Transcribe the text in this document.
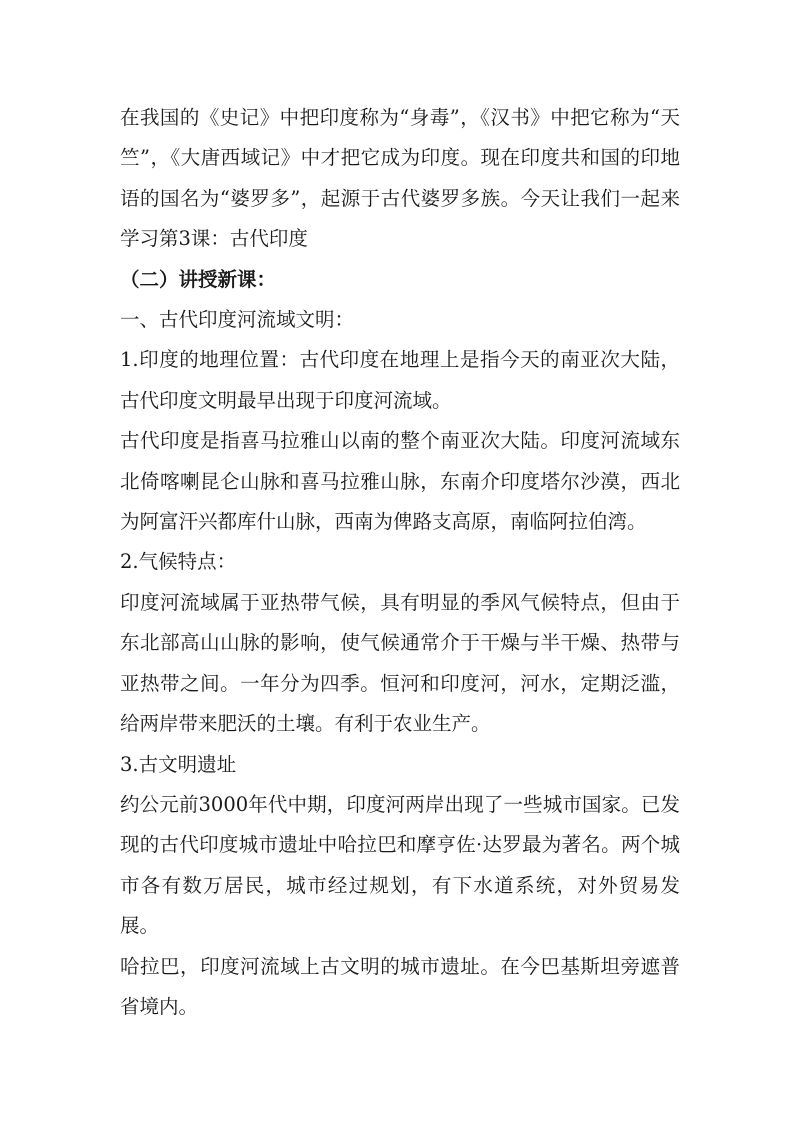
在我国的《史记》中把印度称为“身毒”，《汉书》中把它称为“天竺”，《大唐西域记》中才把它成为印度。现在印度共和国的印地语的国名为“婆罗多”，起源于古代婆罗多族。今天让我们一起来学习第3课：古代印度

（二）讲授新课：

一、古代印度河流域文明：

1.印度的地理位置：古代印度在地理上是指今天的南亚次大陆，古代印度文明最早出现于印度河流域。

古代印度是指喜马拉雅山以南的整个南亚次大陆。印度河流域东北倚喀喇昆仑山脉和喜马拉雅山脉，东南介印度塔尔沙漠，西北为阿富汗兴都库什山脉，西南为俾路支高原，南临阿拉伯湾。

2.气候特点：

印度河流域属于亚热带气候，具有明显的季风气候特点，但由于东北部高山山脉的影响，使气候通常介于干燥与半干燥、热带与亚热带之间。一年分为四季。恒河和印度河，河水，定期泛滥，给两岸带来肥沃的土壤。有利于农业生产。

3.古文明遗址

约公元前3000年代中期，印度河两岸出现了一些城市国家。已发现的古代印度城市遗址中哈拉巴和摩亨佐·达罗最为著名。两个城市各有数万居民，城市经过规划，有下水道系统，对外贸易发展。

哈拉巴，印度河流域上古文明的城市遗址。在今巴基斯坦旁遮普省境内。
